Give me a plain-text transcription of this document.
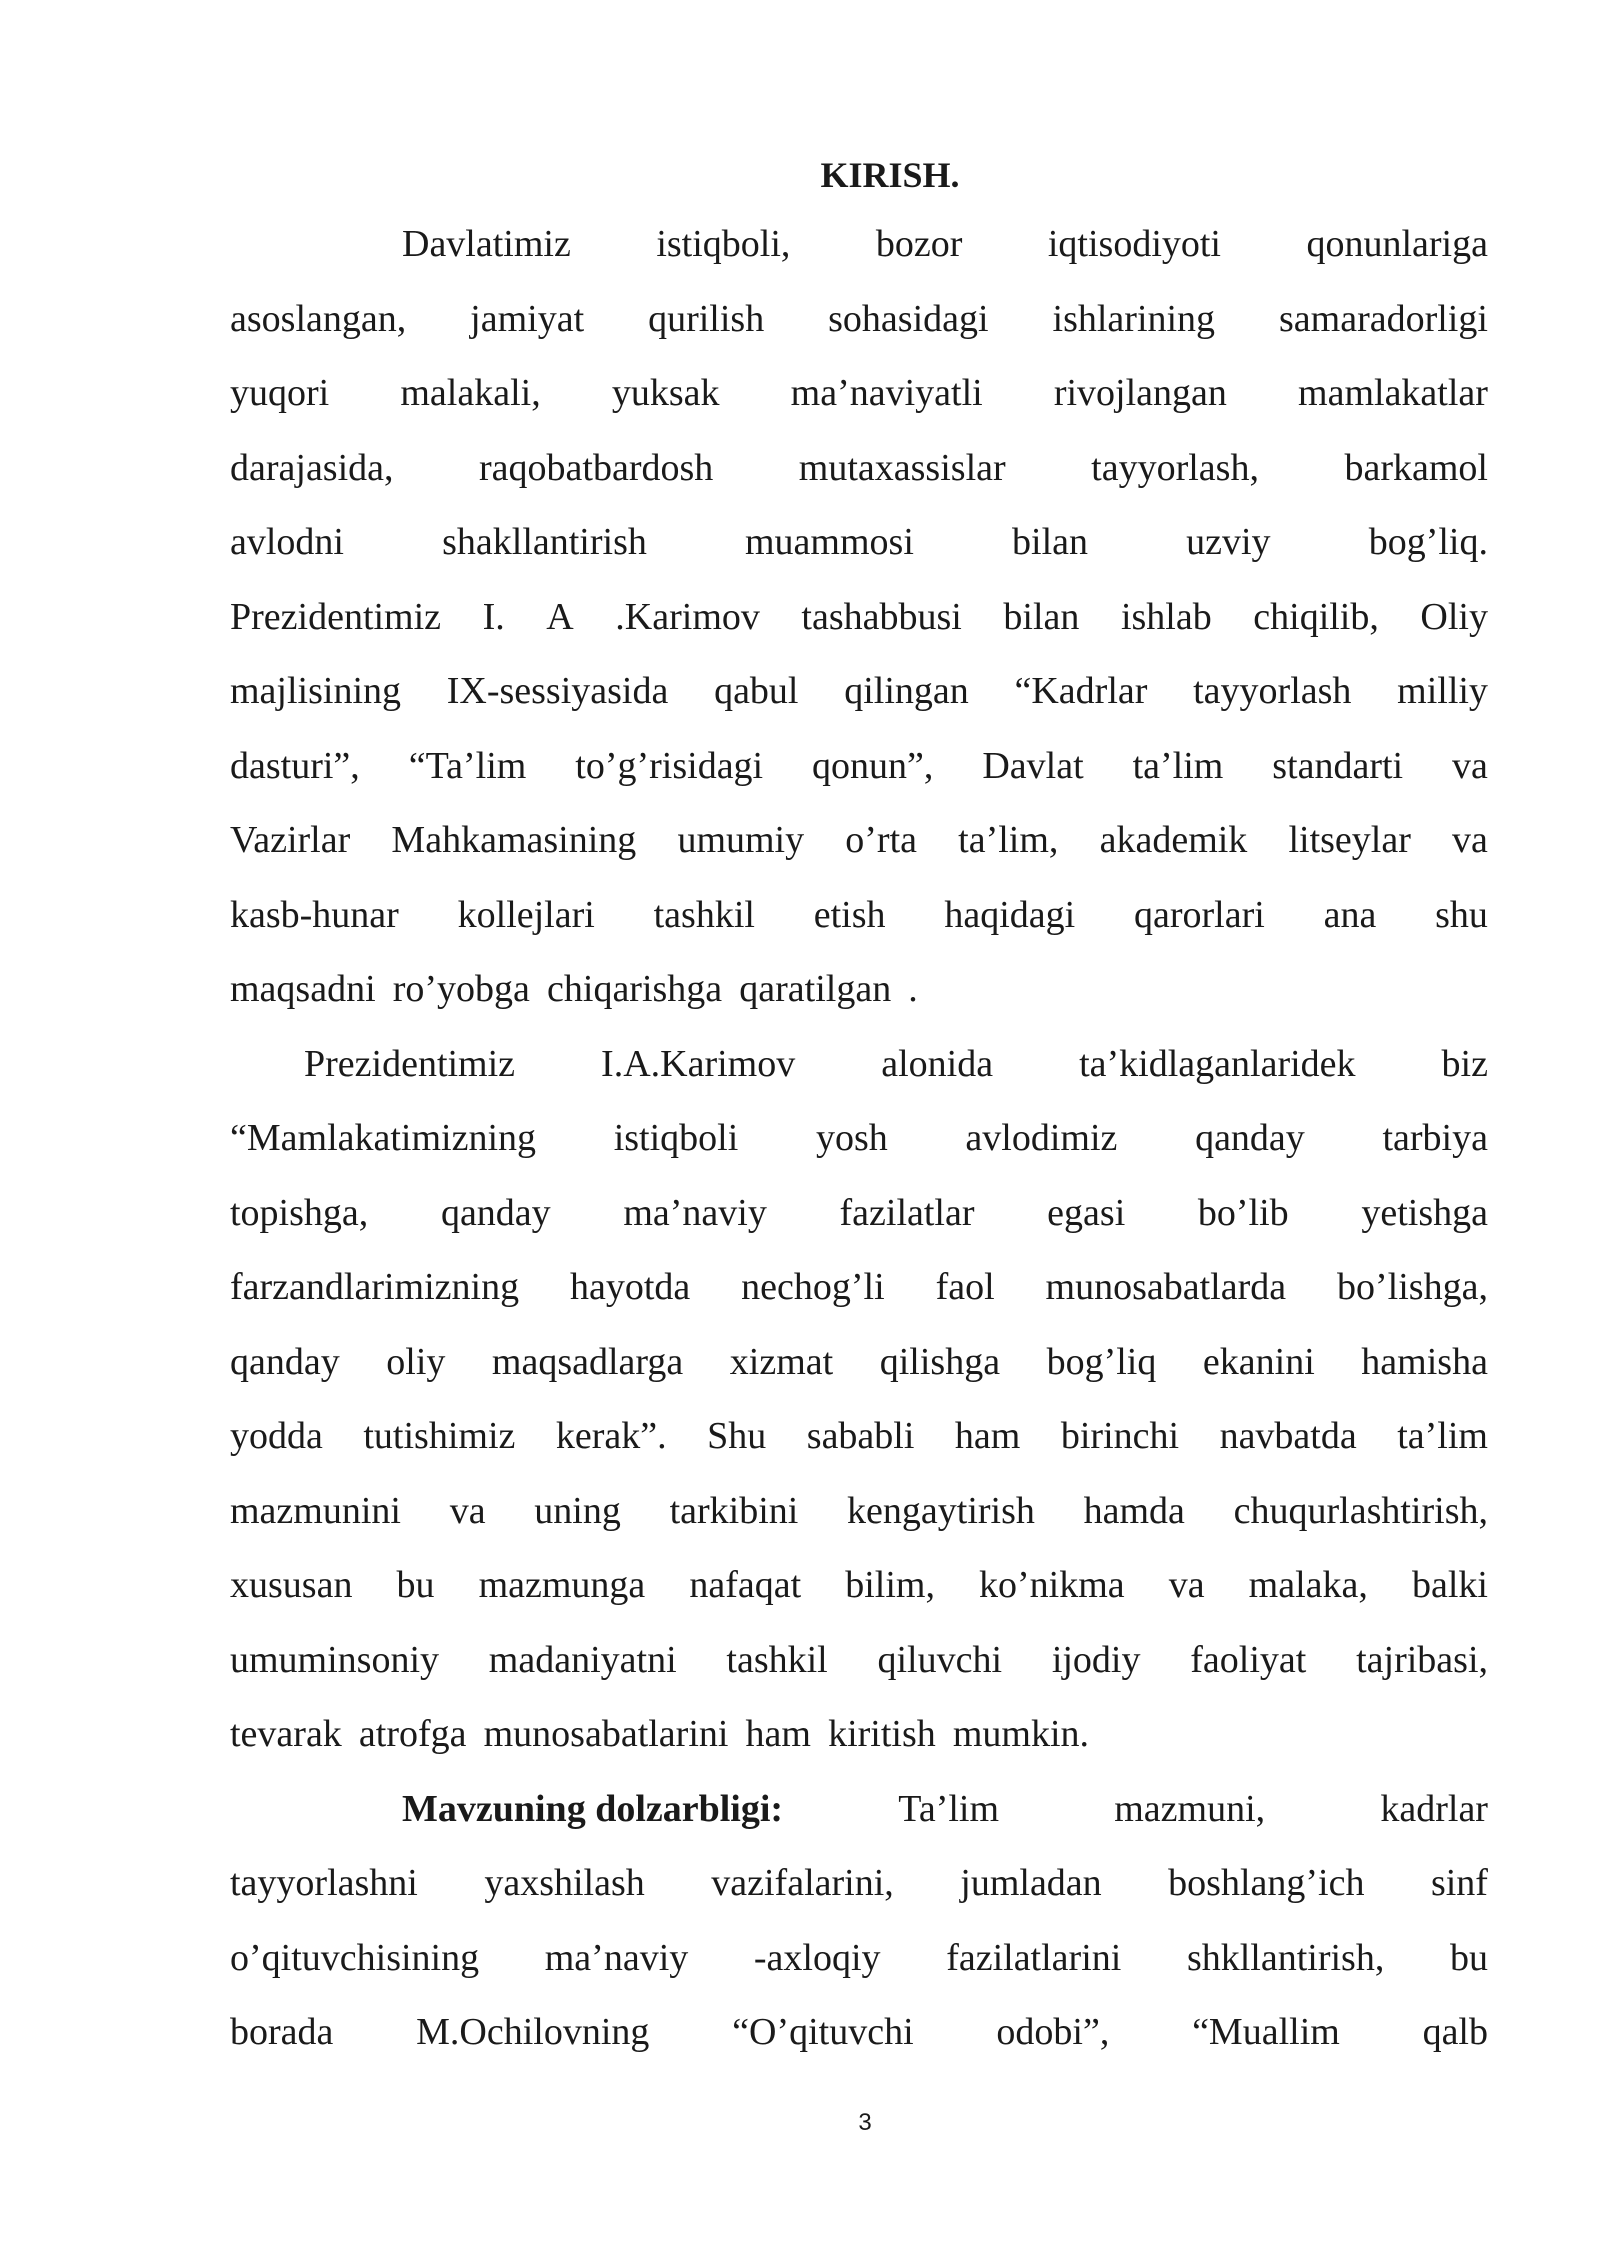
KIRISH.
Davlatimiz istiqboli, bozor iqtisodiyoti qonunlariga
asoslangan, jamiyat qurilish sohasidagi ishlarining samaradorligi
yuqori malakali, yuksak ma’naviyatli rivojlangan mamlakatlar
darajasida, raqobatbardosh mutaxassislar tayyorlash, barkamol
avlodni	shakllantirish	muammosi	bilan	uzviy	bog’liq.
Prezidentimiz I. A .Karimov tashabbusi bilan ishlab chiqilib, Oliy
majlisining IX-sessiyasida qabul qilingan “Kadrlar tayyorlash milliy
dasturi”, “Ta’lim to’g’risidagi qonun”, Davlat ta’lim standarti va
Vazirlar Mahkamasining umumiy o’rta ta’lim, akademik litseylar va
kasb-hunar kollejlari tashkil etish haqidagi qarorlari ana shu
maqsadni ro’yobga chiqarishga qaratilgan .
Prezidentimiz I.A.Karimov alonida ta’kidlaganlaridek biz
“Mamlakatimizning istiqboli yosh avlodimiz qanday tarbiya
topishga, qanday ma’naviy fazilatlar egasi bo’lib yetishga
farzandlarimizning hayotda nechog’li faol munosabatlarda bo’lishga,
qanday oliy maqsadlarga xizmat qilishga bog’liq ekanini hamisha
yodda tutishimiz kerak”. Shu sababli ham birinchi navbatda ta’lim
mazmunini va uning tarkibini kengaytirish hamda chuqurlashtirish,
xususan bu mazmunga nafaqat bilim, ko’nikma va malaka, balki
umuminsoniy madaniyatni tashkil qiluvchi ijodiy faoliyat tajribasi,
tevarak atrofga munosabatlarini ham kiritish mumkin.
Mavzuning dolzarbligi:	Ta’lim	mazmuni,	kadrlar
tayyorlashni yaxshilash vazifalarini, jumladan boshlang’ich sinf
o’qituvchisining ma’naviy -axloqiy fazilatlarini shkllantirish, bu
borada M.Ochilovning “O’qituvchi odobi”, “Muallim qalb
3
